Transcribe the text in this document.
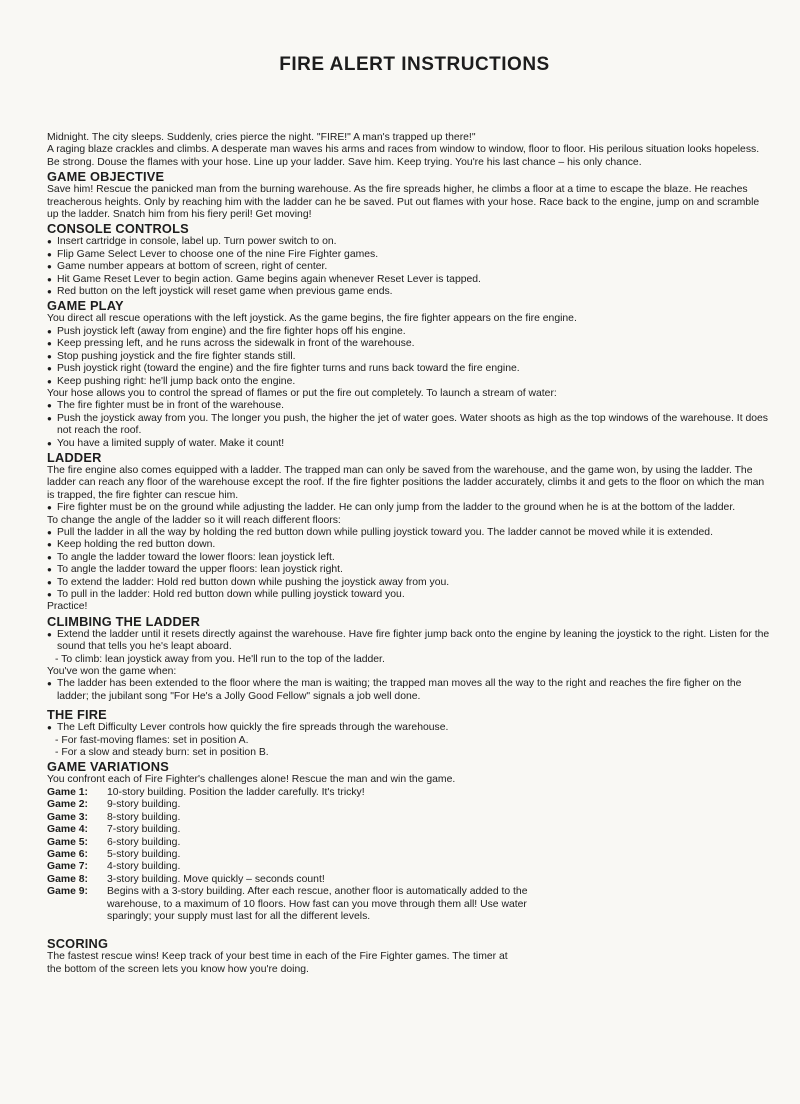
FIRE ALERT INSTRUCTIONS

Midnight. The city sleeps. Suddenly, cries pierce the night. "FIRE!" A man's trapped up there!"

A raging blaze crackles and climbs. A desperate man waves his arms and races from window to window, floor to floor. His perilous situation looks hopeless.

Be strong. Douse the flames with your hose. Line up your ladder. Save him. Keep trying. You're his last chance – his only chance.

GAME OBJECTIVE

Save him! Rescue the panicked man from the burning warehouse. As the fire spreads higher, he climbs a floor at a time to escape the blaze. He reaches treacherous heights. Only by reaching him with the ladder can he be saved. Put out flames with your hose. Race back to the engine, jump on and scramble up the ladder. Snatch him from his fiery peril! Get moving!

CONSOLE CONTROLS
● Insert cartridge in console, label up. Turn power switch to on.
● Flip Game Select Lever to choose one of the nine Fire Fighter games.
● Game number appears at bottom of screen, right of center.
● Hit Game Reset Lever to begin action. Game begins again whenever Reset Lever is tapped.
● Red button on the left joystick will reset game when previous game ends.
GAME PLAY

You direct all rescue operations with the left joystick. As the game begins, the fire fighter appears on the fire engine.

● Push joystick left (away from engine) and the fire fighter hops off his engine.
● Keep pressing left, and he runs across the sidewalk in front of the warehouse.
● Stop pushing joystick and the fire fighter stands still.
● Push joystick right (toward the engine) and the fire fighter turns and runs back toward the fire engine.
● Keep pushing right: he'll jump back onto the engine.

Your hose allows you to control the spread of flames or put the fire out completely. To launch a stream of water:

● The fire fighter must be in front of the warehouse.
● Push the joystick away from you. The longer you push, the higher the jet of water goes. Water shoots as high as the top windows of the warehouse. It does not reach the roof.
● You have a limited supply of water. Make it count!
LADDER

The fire engine also comes equipped with a ladder. The trapped man can only be saved from the warehouse, and the game won, by using the ladder. The ladder can reach any floor of the warehouse except the roof. If the fire fighter positions the ladder accurately, climbs it and gets to the floor on which the man is trapped, the fire fighter can rescue him.

● Fire fighter must be on the ground while adjusting the ladder. He can only jump from the ladder to the ground when he is at the bottom of the ladder.

To change the angle of the ladder so it will reach different floors:

● Pull the ladder in all the way by holding the red button down while pulling joystick toward you. The ladder cannot be moved while it is extended.
● Keep holding the red button down.
● To angle the ladder toward the lower floors: lean joystick left.
● To angle the ladder toward the upper floors: lean joystick right.
● To extend the ladder: Hold red button down while pushing the joystick away from you.
● To pull in the ladder: Hold red button down while pulling joystick toward you.

Practice!

CLIMBING THE LADDER
● Extend the ladder until it resets directly against the warehouse. Have fire fighter jump back onto the engine by leaning the joystick to the right. Listen for the sound that tells you he's leapt aboard.
- To climb: lean joystick away from you. He'll run to the top of the ladder.

You've won the game when:

● The ladder has been extended to the floor where the man is waiting; the trapped man moves all the way to the right and reaches the fire figher on the ladder; the jubilant song "For He's a Jolly Good Fellow" signals a job well done.
THE FIRE
● The Left Difficulty Lever controls how quickly the fire spreads through the warehouse.
- For fast-moving flames: set in position A.
- For a slow and steady burn: set in position B.
GAME VARIATIONS

You confront each of Fire Fighter's challenges alone! Rescue the man and win the game.

Game 1:	10-story building. Position the ladder carefully. It's tricky!
Game 2:	9-story building.
Game 3:	8-story building.
Game 4:	7-story building.
Game 5:	6-story building.
Game 6:	5-story building.
Game 7:	4-story building.
Game 8:	3-story building. Move quickly – seconds count!
Game 9:	Begins with a 3-story building. After each rescue, another floor is automatically added to the warehouse, to a maximum of 10 floors. How fast can you move through them all! Use water sparingly; your supply must last for all the different levels.
SCORING

The fastest rescue wins! Keep track of your best time in each of the Fire Fighter games. The timer at the bottom of the screen lets you know how you're doing.
